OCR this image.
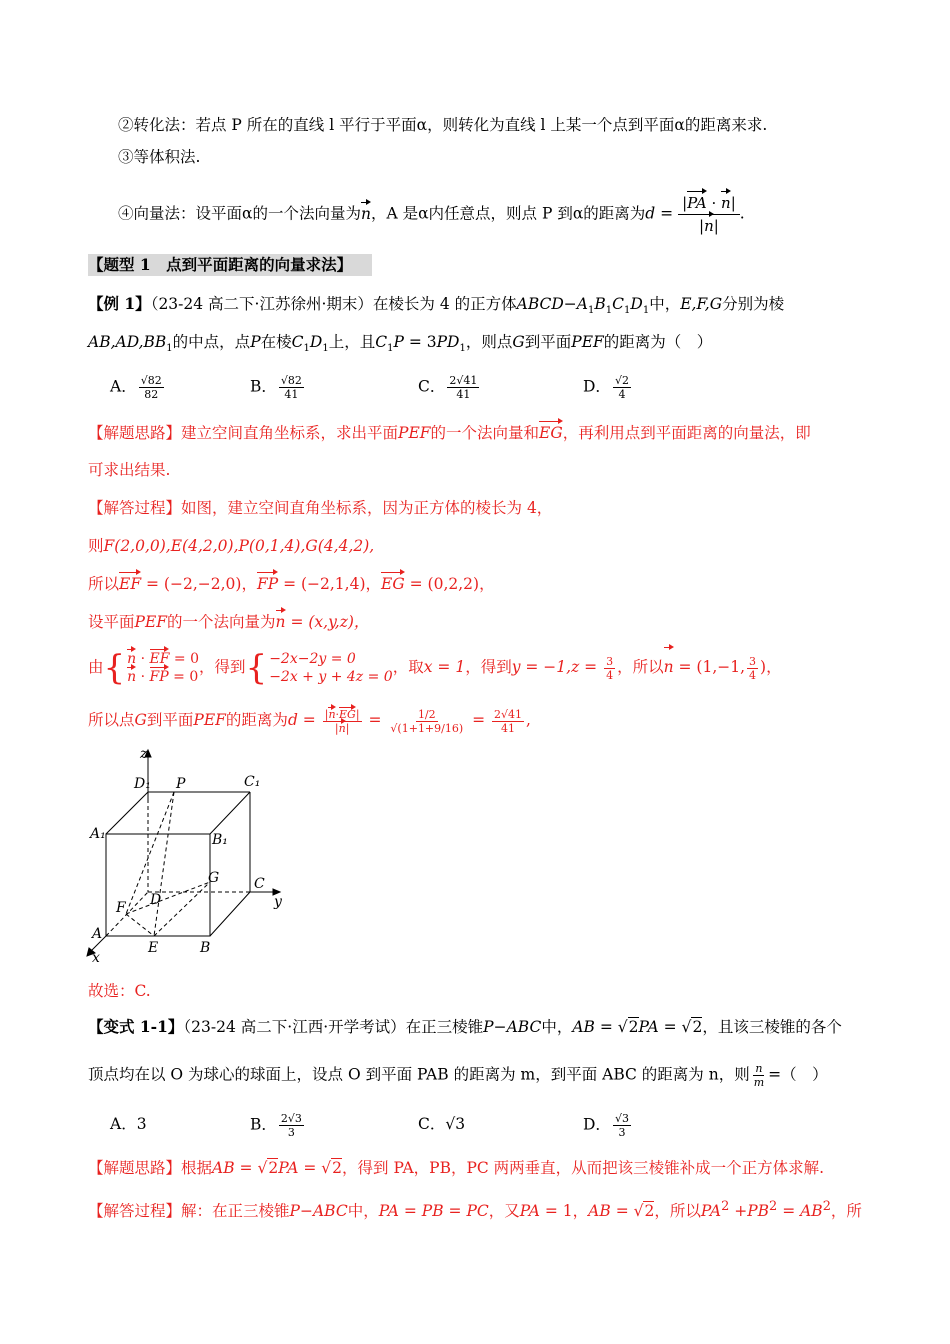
②转化法：若点 P 所在的直线 l 平行于平面α，则转化为直线 l 上某一个点到平面α的距离来求.
③等体积法.
④向量法：设平面α的一个法向量为n，A 是α内任意点，则点 P 到α的距离为$d = \frac{|PA \cdot n|}{|n|}$ .
【题型 1　点到平面距离的向量求法】
【例 1】（23-24 高二下·江苏徐州·期末）在棱长为 4 的正方体$ABCD-A_1B_1C_1D_1$中，E,F,G分别为棱
$AB,AD,BB_1$的中点，点P在棱$C_1D_1$上，且$C_1P = 3PD_1$，则点G到平面PEF的距离为（　）
A． $\frac{√82}{82}$	B． $\frac{√82}{41}$	C． $\frac{2√41}{41}$	D． $\frac{√2}{4}$
【解题思路】建立空间直角坐标系，求出平面PEF的一个法向量和EG，再利用点到平面距离的向量法，即
可求出结果.
【解答过程】如图，建立空间直角坐标系，因为正方体的棱长为 4，
则F(2,0,0),E(4,2,0),P(0,1,4),G(4,4,2),
所以EF = (−2,−2,0)，FP = (−2,1,4)，EG = (0,2,2)，
设平面PEF的一个法向量为n = (x,y,z)，
由 { n · EF = 0
n · FP = 0
，得到 { −2x−2y = 0
−2x + y + 4z = 0
，取x = 1，得到$y = -1,z = \frac{3}{4}$ ，所以n = (1,−1, $\frac{3}{4}$ )，
所以点G到平面PEF的距离为$d = \frac{|n\cdot EG|}{|n|} = \frac{1/2}{√(1+1+9/16)} = \frac{2√41}{41}$ ,
z
D₁ P	C₁
A₁	B₁
G C
y
F D
A
E	B
x
故选：C.
【变式 1-1】（23-24 高二下·江西·开学考试）在正三棱锥P−ABC中，AB = √2PA = √2，且该三棱锥的各个
顶点均在以 O 为球心的球面上，设点 O 到平面 PAB 的距离为 m，到平面 ABC 的距离为 n，则 $\frac{n}{m}$ =（　）
A．3	B． $\frac{2√3}{3}$	C．√3	D． $\frac{√3}{3}$
【解题思路】根据AB = √2PA = √2，得到 PA，PB，PC 两两垂直，从而把该三棱锥补成一个正方体求解.
【解答过程】解：在正三棱锥P−ABC中，PA = PB = PC，又PA = 1，AB = √2，所以$PA^2 +PB^2 = AB^2$，所
